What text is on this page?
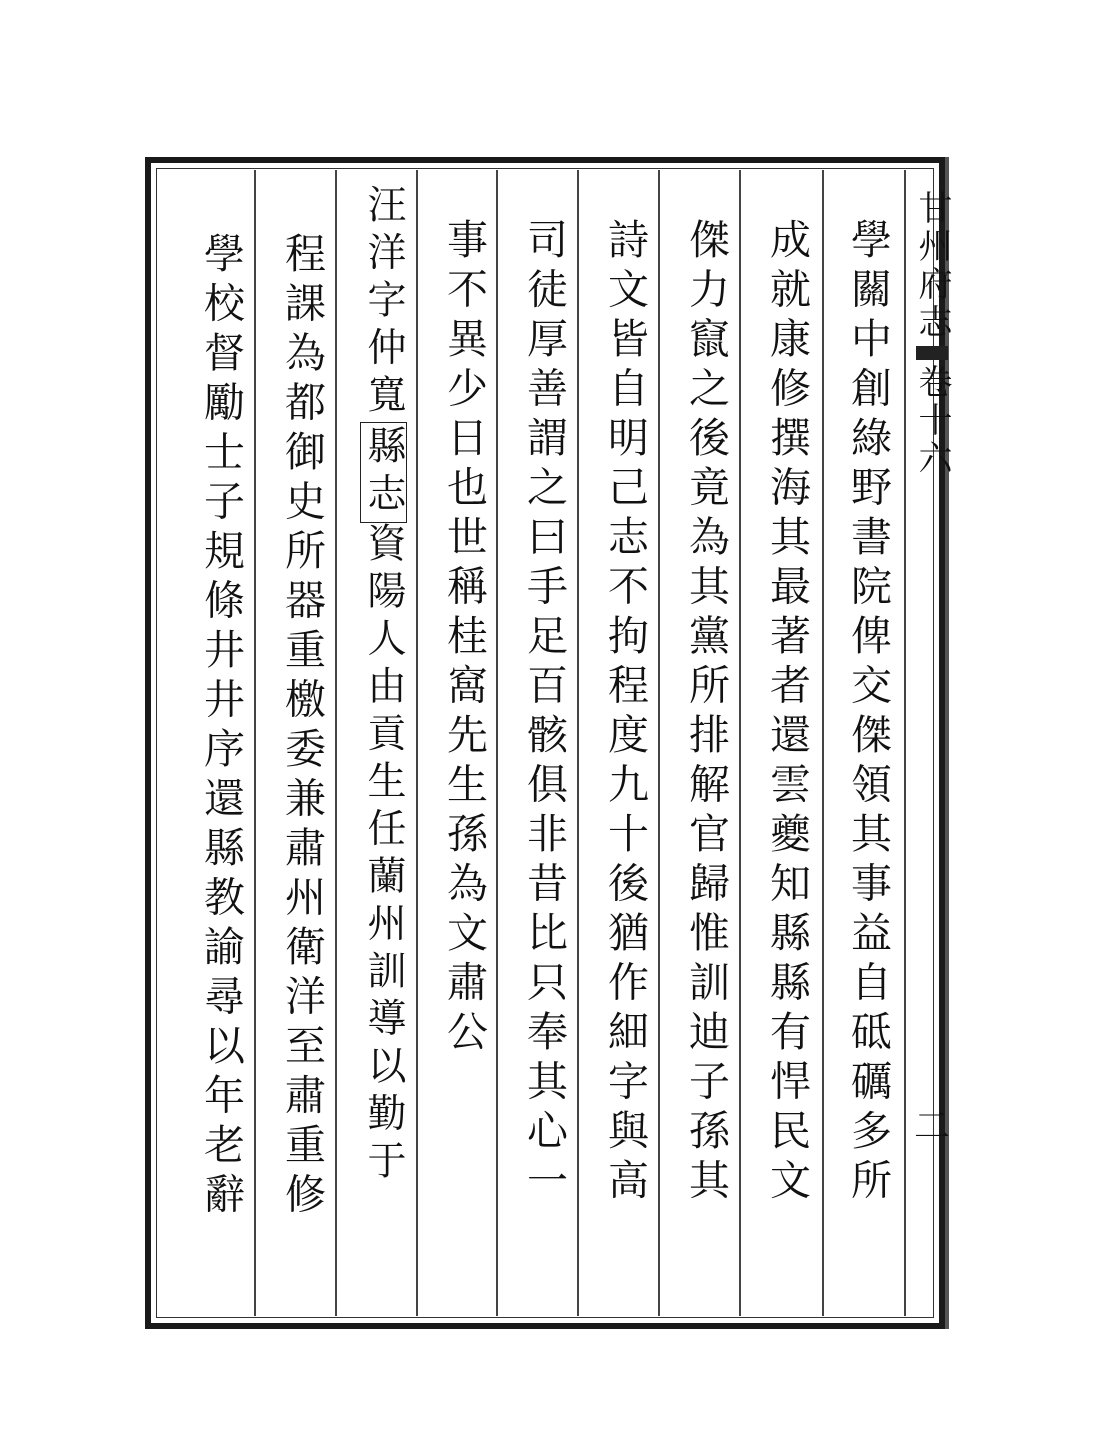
甘州府志
卷十六
二
學關中創綠野書院俾交傑領其事益自砥礪多所
成就康修撰海其最著者還雲夔知縣縣有悍民文
傑力竄之後竟為其黨所排解官歸惟訓迪子孫其
詩文皆自明己志不拘程度九十後猶作細字與高
司徒厚善謂之曰手足百骸俱非昔比只奉其心一
事不異少日也世稱桂窩先生孫為文肅公
汪洋字仲寬縣志資陽人由貢生任蘭州訓導以勤于
程課為都御史所器重檄委兼肅州衛洋至肅重修
學校督勵士子規條井井序還縣教諭尋以年老辭
